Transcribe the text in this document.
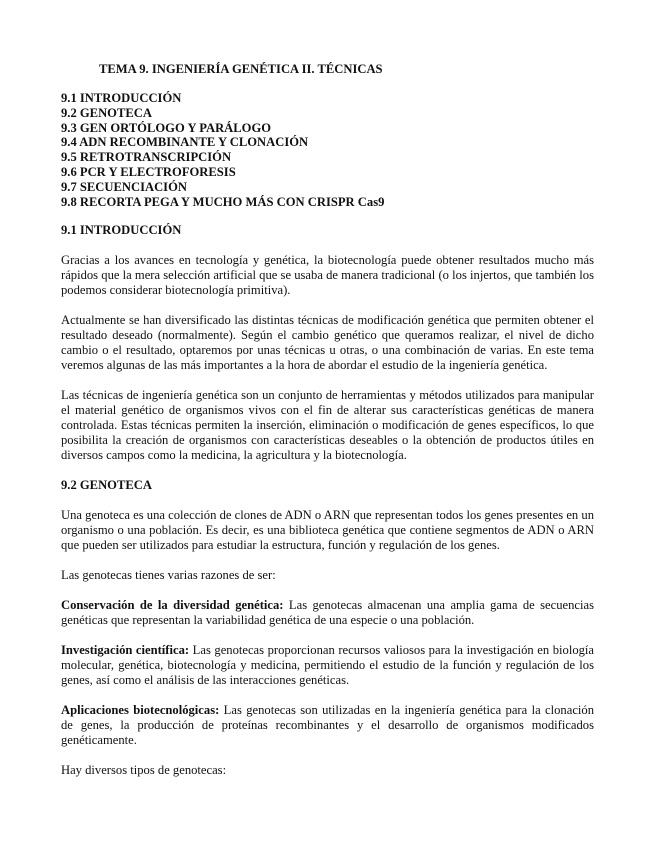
TEMA 9. INGENIERÍA GENÉTICA II. TÉCNICAS
9.1 INTRODUCCIÓN
9.2 GENOTECA
9.3 GEN ORTÓLOGO Y PARÁLOGO
9.4 ADN RECOMBINANTE Y CLONACIÓN
9.5 RETROTRANSCRIPCIÓN
9.6 PCR Y ELECTROFORESIS
9.7 SECUENCIACIÓN
9.8 RECORTA PEGA Y MUCHO MÁS CON CRISPR Cas9
9.1 INTRODUCCIÓN

Gracias a los avances en tecnología y genética, la biotecnología puede obtener resultados mucho más rápidos que la mera selección artificial que se usaba de manera tradicional (o los injertos, que también los podemos considerar biotecnología primitiva).

Actualmente se han diversificado las distintas técnicas de modificación genética que permiten obtener el resultado deseado (normalmente). Según el cambio genético que queramos realizar, el nivel de dicho cambio o el resultado, optaremos por unas técnicas u otras, o una combinación de varias. En este tema veremos algunas de las más importantes a la hora de abordar el estudio de la ingeniería genética.

Las técnicas de ingeniería genética son un conjunto de herramientas y métodos utilizados para manipular el material genético de organismos vivos con el fin de alterar sus características genéticas de manera controlada. Estas técnicas permiten la inserción, eliminación o modificación de genes específicos, lo que posibilita la creación de organismos con características deseables o la obtención de productos útiles en diversos campos como la medicina, la agricultura y la biotecnología.

9.2 GENOTECA

Una genoteca es una colección de clones de ADN o ARN que representan todos los genes presentes en un organismo o una población. Es decir, es una biblioteca genética que contiene segmentos de ADN o ARN que pueden ser utilizados para estudiar la estructura, función y regulación de los genes.

Las genotecas tienes varias razones de ser:

Conservación de la diversidad genética: Las genotecas almacenan una amplia gama de secuencias genéticas que representan la variabilidad genética de una especie o una población.

Investigación científica: Las genotecas proporcionan recursos valiosos para la investigación en biología molecular, genética, biotecnología y medicina, permitiendo el estudio de la función y regulación de los genes, así como el análisis de las interacciones genéticas.

Aplicaciones biotecnológicas: Las genotecas son utilizadas en la ingeniería genética para la clonación de genes, la producción de proteínas recombinantes y el desarrollo de organismos modificados genéticamente.

Hay diversos tipos de genotecas:
